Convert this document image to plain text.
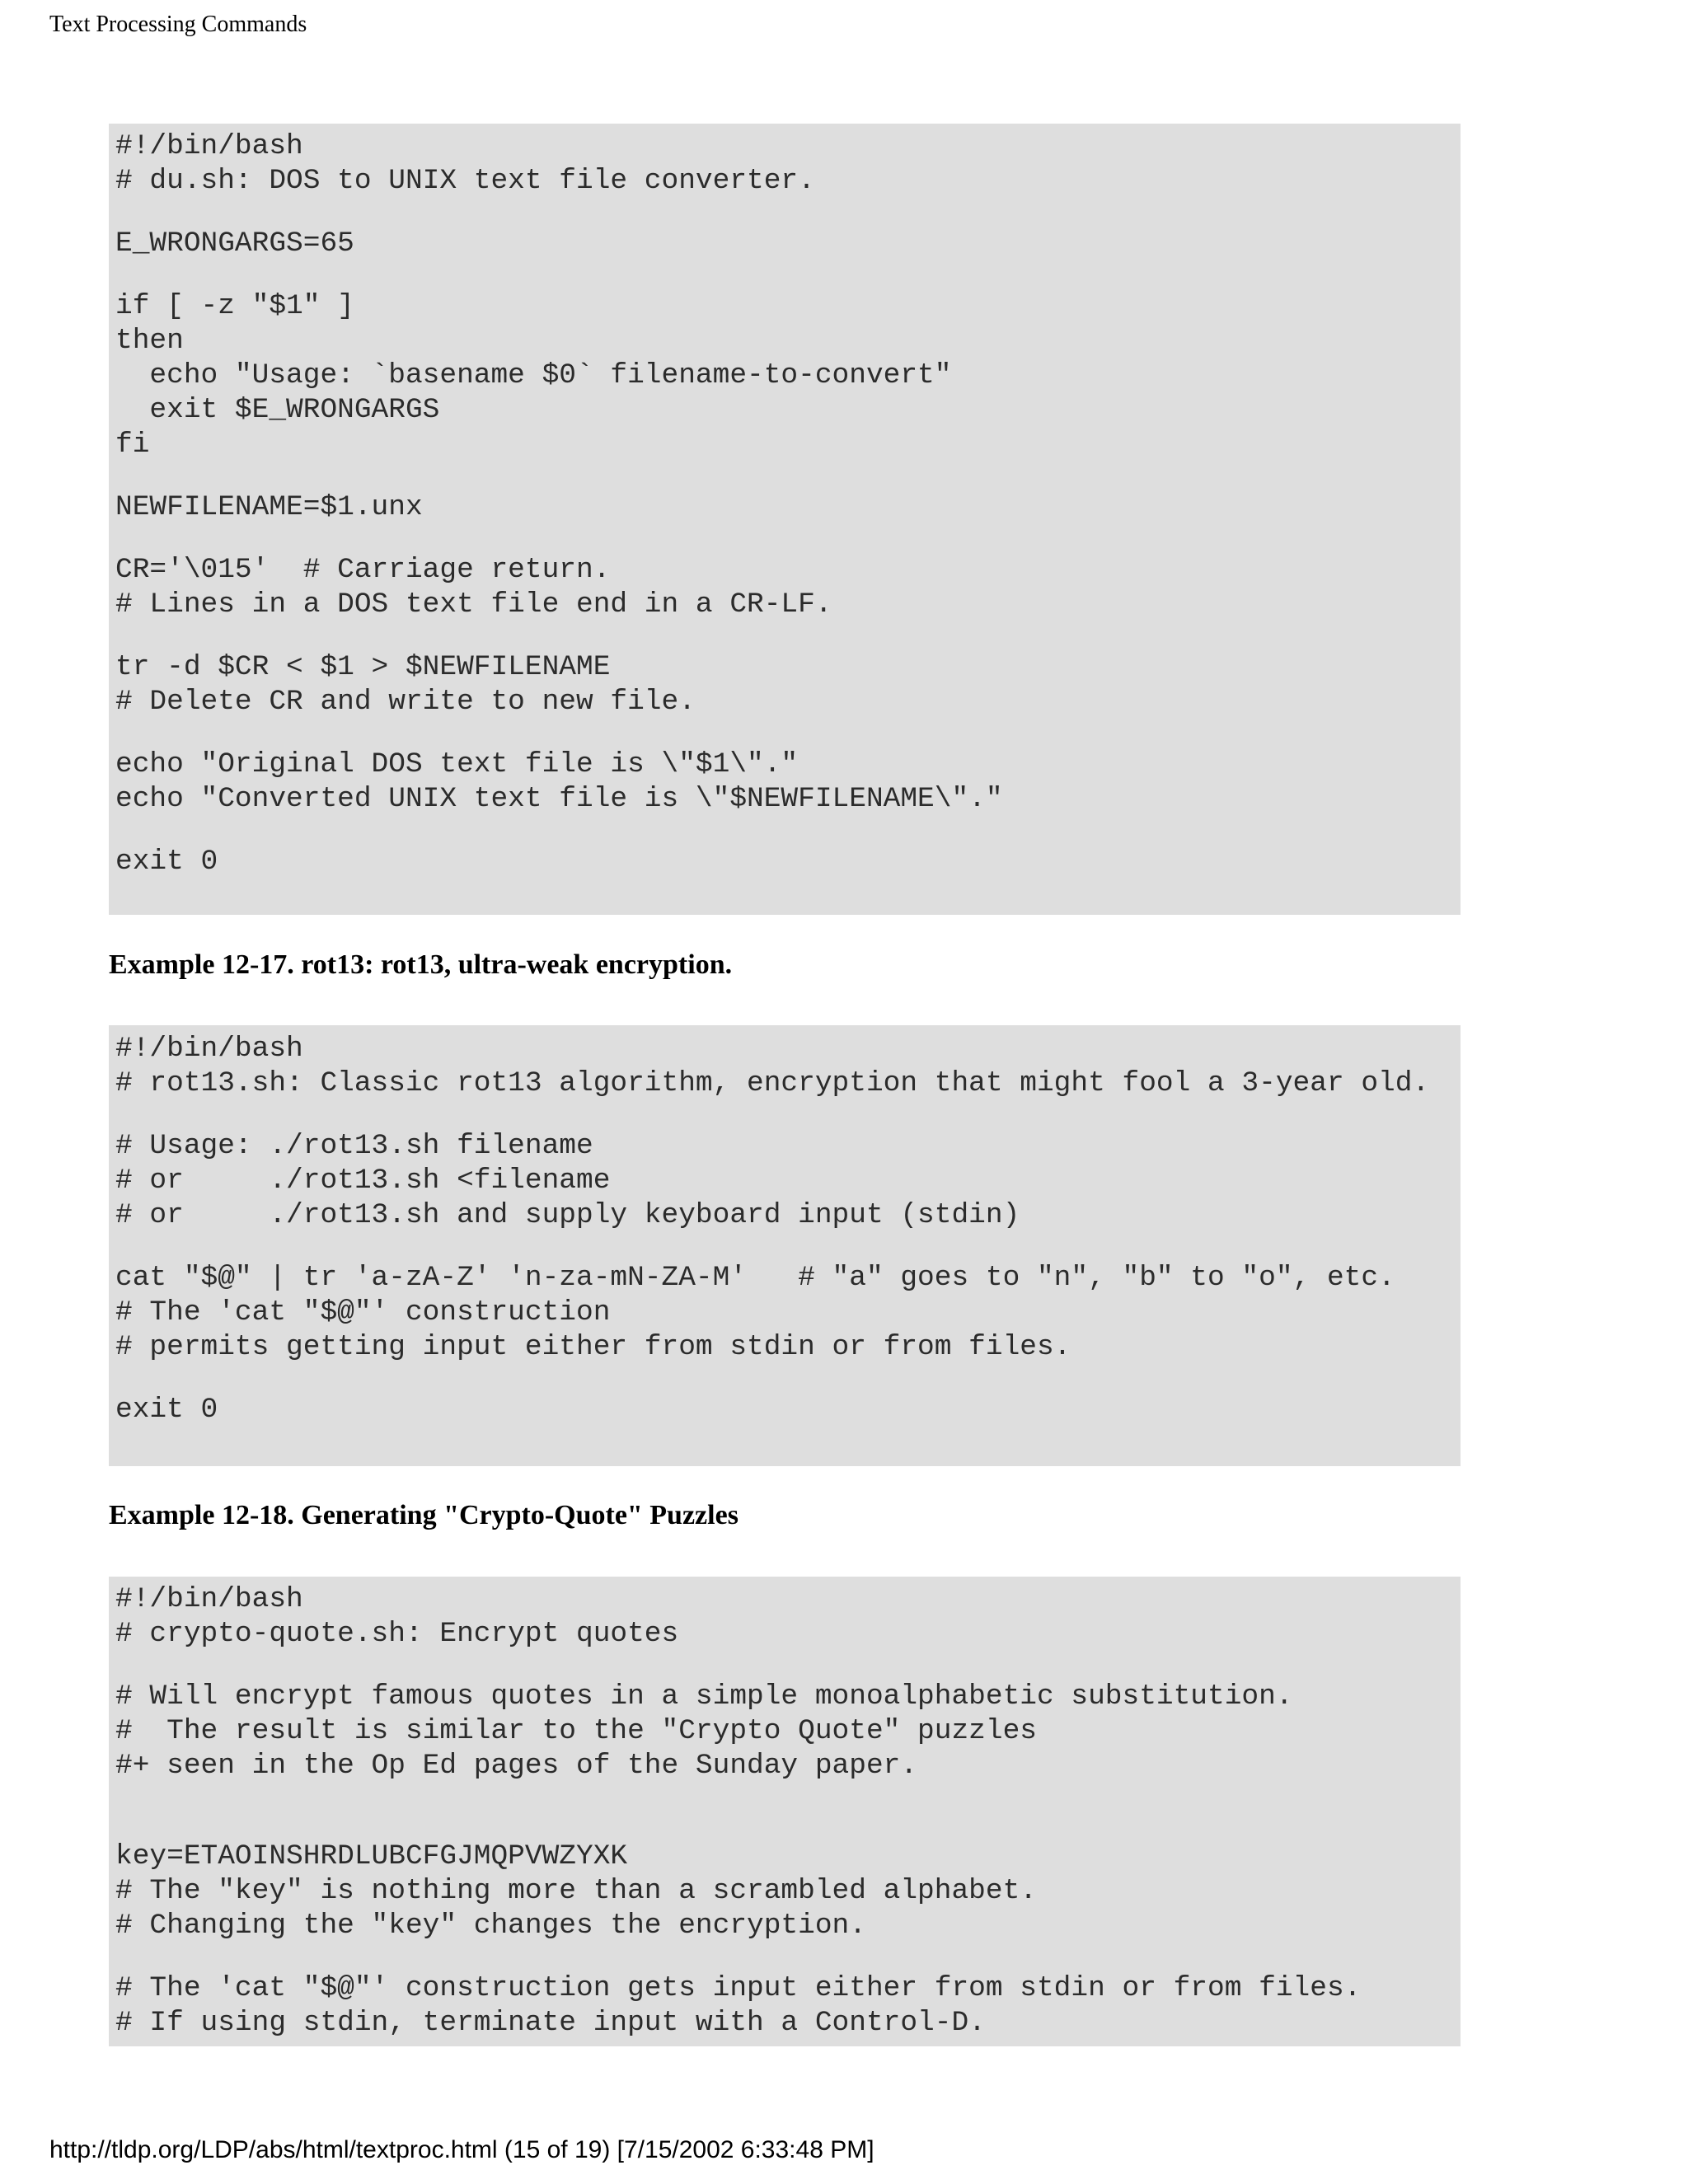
Text Processing Commands
#!/bin/bash
# du.sh: DOS to UNIX text file converter.
E_WRONGARGS=65
if [ -z "$1" ]
then
echo "Usage: `basename $0` filename-to-convert"
exit $E_WRONGARGS
fi
NEWFILENAME=$1.unx
CR='\015'  # Carriage return.
# Lines in a DOS text file end in a CR-LF.
tr -d $CR < $1 > $NEWFILENAME
# Delete CR and write to new file.
echo "Original DOS text file is \"$1\"."
echo "Converted UNIX text file is \"$NEWFILENAME\"."
exit 0
Example 12-17. rot13: rot13, ultra-weak encryption.
#!/bin/bash
# rot13.sh: Classic rot13 algorithm, encryption that might fool a 3-year old.
# Usage: ./rot13.sh filename
# or     ./rot13.sh <filename
# or     ./rot13.sh and supply keyboard input (stdin)
cat "$@" | tr 'a-zA-Z' 'n-za-mN-ZA-M'   # "a" goes to "n", "b" to "o", etc.
# The 'cat "$@"' construction
# permits getting input either from stdin or from files.
exit 0
Example 12-18. Generating "Crypto-Quote" Puzzles
#!/bin/bash
# crypto-quote.sh: Encrypt quotes
# Will encrypt famous quotes in a simple monoalphabetic substitution.
#  The result is similar to the "Crypto Quote" puzzles
#+ seen in the Op Ed pages of the Sunday paper.
key=ETAOINSHRDLUBCFGJMQPVWZYXK
# The "key" is nothing more than a scrambled alphabet.
# Changing the "key" changes the encryption.
# The 'cat "$@"' construction gets input either from stdin or from files.
# If using stdin, terminate input with a Control-D.
http://tldp.org/LDP/abs/html/textproc.html (15 of 19) [7/15/2002 6:33:48 PM]
